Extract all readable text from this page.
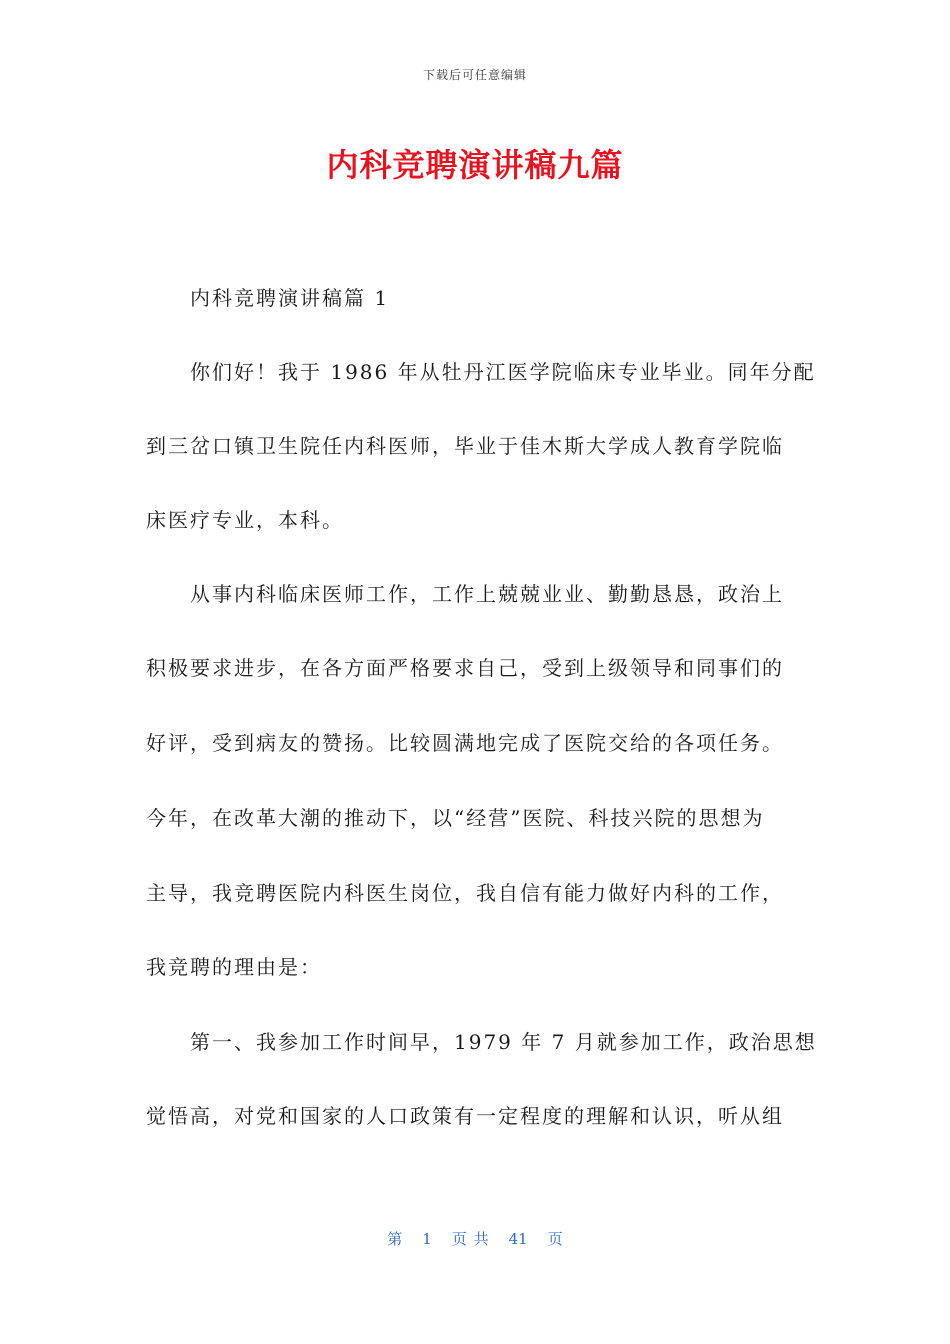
下载后可任意编辑
内科竞聘演讲稿九篇
内科竞聘演讲稿篇 1
你们好！我于 1986 年从牡丹江医学院临床专业毕业。同年分配
到三岔口镇卫生院任内科医师，毕业于佳木斯大学成人教育学院临
床医疗专业，本科。
从事内科临床医师工作，工作上兢兢业业、勤勤恳恳，政治上
积极要求进步，在各方面严格要求自己，受到上级领导和同事们的
好评，受到病友的赞扬。比较圆满地完成了医院交给的各项任务。
今年，在改革大潮的推动下，以“经营”医院、科技兴院的思想为
主导，我竞聘医院内科医生岗位，我自信有能力做好内科的工作，
我竞聘的理由是：
第一、我参加工作时间早，1979 年 7 月就参加工作，政治思想
觉悟高，对党和国家的人口政策有一定程度的理解和认识，听从组
第 1 页 共 41 页
